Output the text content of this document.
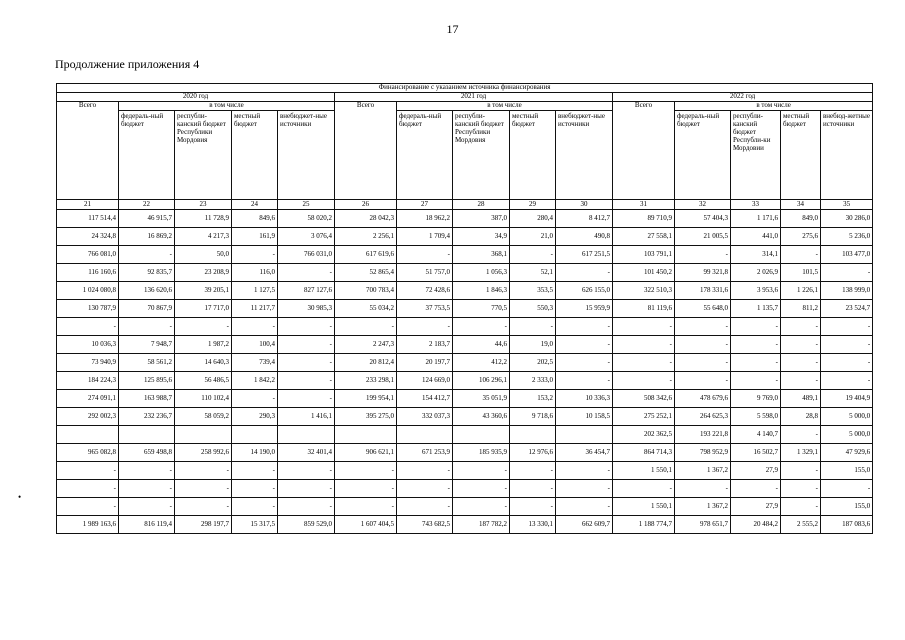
17
Продолжение приложения 4
•
Финансирование с указанием источника финансирования														
2020 год					2021 год					2022 год				
Всего	в том числе				Всего	в том числе				Всего	в том числе			
	федераль-ный бюджет	республи-канский бюджет Республики Мордовия	местный бюджет	внебюджет-ные источники		федераль-ный бюджет	республи-канский бюджет Республики Мордовия	местный бюджет	внебюджет-ные источники		федераль-ный бюджет	республи-канский бюджет Республи-ки Мордовии	местный бюджет	внебюд-жетные источники
21	22	23	24	25	26	27	28	29	30	31	32	33	34	35
117 514,4	46 915,7	11 728,9	849,6	58 020,2	28 042,3	18 962,2	387,0	280,4	8 412,7	89 710,9	57 404,3	1 171,6	849,0	30 286,0
24 324,8	16 869,2	4 217,3	161,9	3 076,4	2 256,1	1 709,4	34,9	21,0	490,8	27 558,1	21 005,5	441,0	275,6	5 236,0
766 081,0	-	50,0	-	766 031,0	617 619,6	-	368,1	-	617 251,5	103 791,1	-	314,1	-	103 477,0
116 160,6	92 835,7	23 208,9	116,0	-	52 865,4	51 757,0	1 056,3	52,1	-	101 450,2	99 321,8	2 026,9	101,5	-
1 024 080,8	136 620,6	39 205,1	1 127,5	827 127,6	700 783,4	72 428,6	1 846,3	353,5	626 155,0	322 510,3	178 331,6	3 953,6	1 226,1	138 999,0
130 787,9	70 867,9	17 717,0	11 217,7	30 985,3	55 034,2	37 753,5	770,5	550,3	15 959,9	81 119,6	55 648,0	1 135,7	811,2	23 524,7
-	-	-	-	-	-	-	-	-	-	-	-	-	-	-
10 036,3	7 948,7	1 987,2	100,4	-	2 247,3	2 183,7	44,6	19,0	-	-	-	-	-	-
73 940,9	58 561,2	14 640,3	739,4	-	20 812,4	20 197,7	412,2	202,5	-	-	-	-	-	-
184 224,3	125 895,6	56 486,5	1 842,2	-	233 298,1	124 669,0	106 296,1	2 333,0	-	-	-	-	-	-
274 091,1	163 988,7	110 102,4	-	-	199 954,1	154 412,7	35 051,9	153,2	10 336,3	508 342,6	478 679,6	9 769,0	489,1	19 404,9
292 002,3	232 236,7	58 059,2	290,3	1 416,1	395 275,0	332 037,3	43 360,6	9 718,6	10 158,5	275 252,1	264 625,3	5 598,0	28,8	5 000,0
										202 362,5	193 221,8	4 140,7	-	5 000,0
965 082,8	659 498,8	258 992,6	14 190,0	32 401,4	906 621,1	671 253,9	185 935,9	12 976,6	36 454,7	864 714,3	798 952,9	16 502,7	1 329,1	47 929,6
-	-	-	-	-	-	-	-	-	-	1 550,1	1 367,2	27,9	-	155,0
-	-	-	-	-	-	-	-	-	-	-	-	-	-	-
-	-	-	-	-	-	-	-	-	-	1 550,1	1 367,2	27,9	-	155,0
1 989 163,6	816 119,4	298 197,7	15 317,5	859 529,0	1 607 404,5	743 682,5	187 782,2	13 330,1	662 609,7	1 188 774,7	978 651,7	20 484,2	2 555,2	187 083,6
